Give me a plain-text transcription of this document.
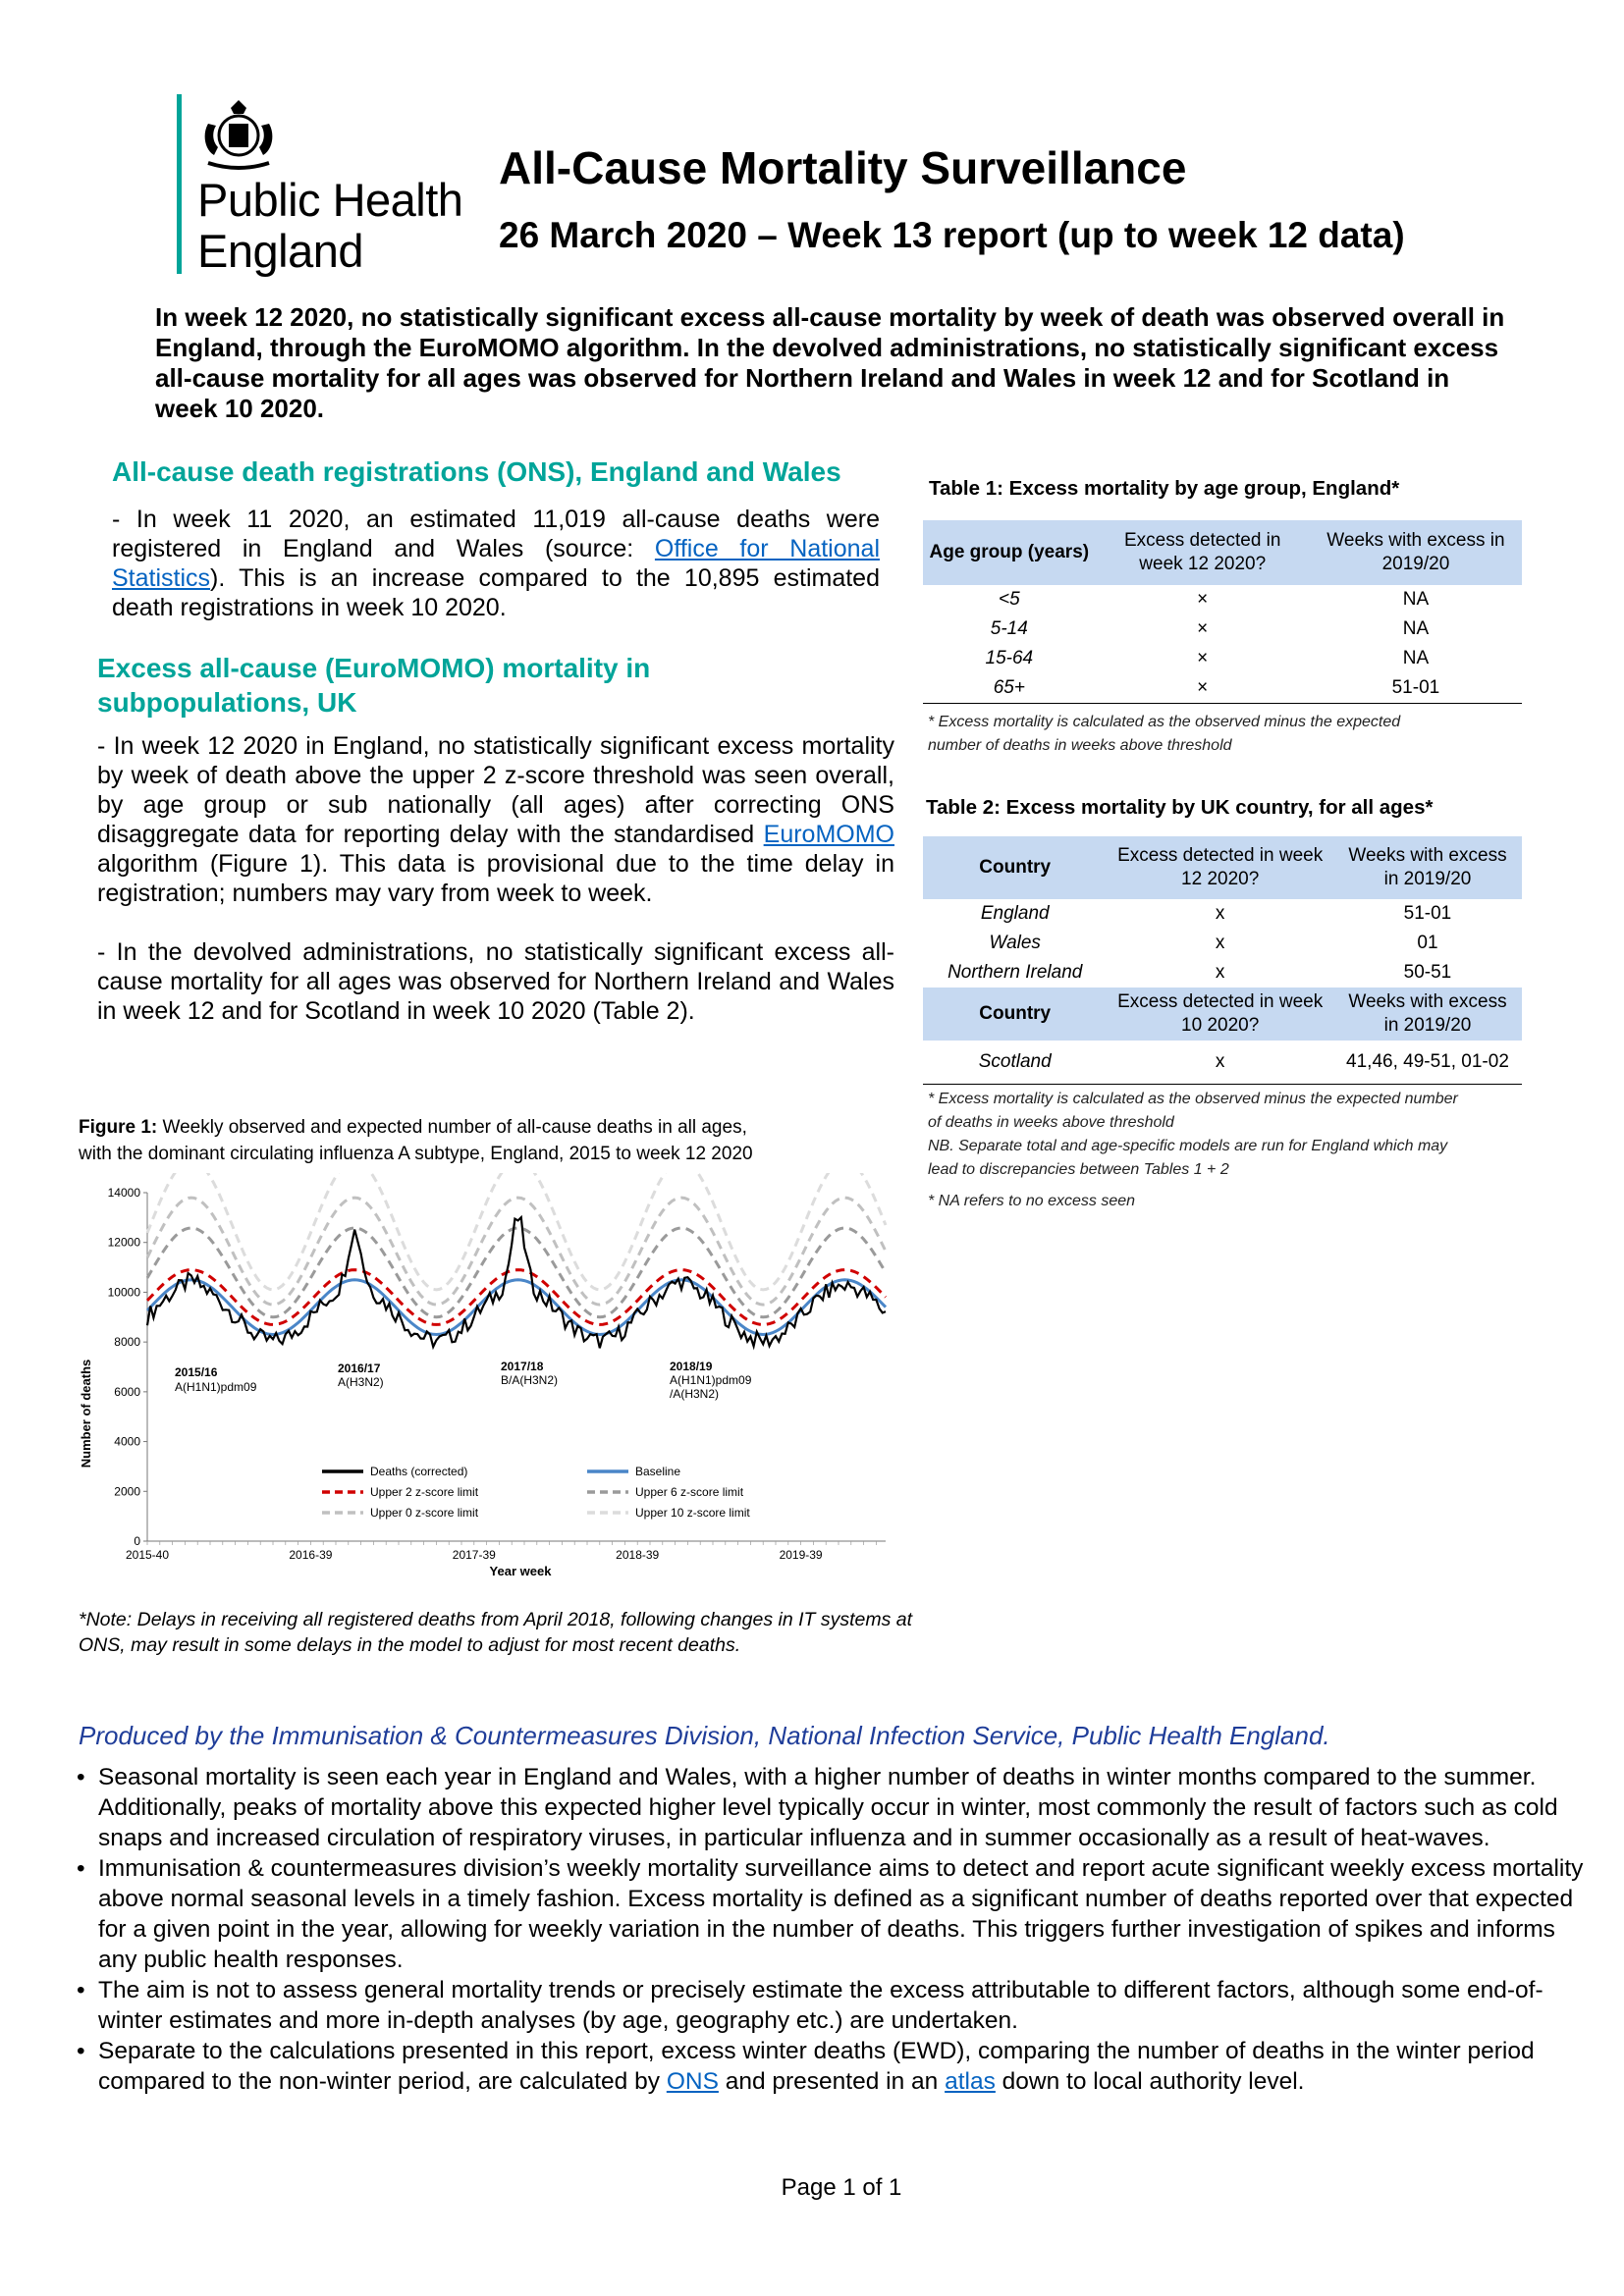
Public Health
England
All-Cause Mortality Surveillance
26 March 2020 – Week 13 report (up to week 12 data)
In week 12 2020, no statistically significant excess all-cause mortality by week of death was observed overall in England, through the EuroMOMO algorithm. In the devolved administrations, no statistically significant excess all-cause mortality for all ages was observed for Northern Ireland and Wales in week 12 and for Scotland in week 10 2020.
All-cause death registrations (ONS), England and Wales
- In week 11 2020, an estimated 11,019 all-cause deaths were registered in England and Wales (source: Office for National Statistics). This is an increase compared to the 10,895 estimated death registrations in week 10 2020.
Excess all-cause (EuroMOMO) mortality in
subpopulations, UK
- In week 12 2020 in England, no statistically significant excess mortality by week of death above the upper 2 z-score threshold was seen overall, by age group or sub nationally (all ages) after correcting ONS disaggregate data for reporting delay with the standardised EuroMOMO algorithm (Figure 1). This data is provisional due to the time delay in registration; numbers may vary from week to week.
- In the devolved administrations, no statistically significant excess all-cause mortality for all ages was observed for Northern Ireland and Wales in week 12 and for Scotland in week 10 2020 (Table 2).
Table 1: Excess mortality by age group, England*
Age group (years)	Excess detected in week 12 2020?	Weeks with excess in 2019/20
<5	×	NA
5-14	×	NA
15-64	×	NA
65+	×	51-01
* Excess mortality is calculated as the observed minus the expected
number of deaths in weeks above threshold
Table 2: Excess mortality by UK country, for all ages*
Country	Excess detected in week 12 2020?	Weeks with excess in 2019/20
England	x	51-01
Wales	x	01
Northern Ireland	x	50-51
Country	Excess detected in week 10 2020?	Weeks with excess in 2019/20
Scotland	x	41,46, 49-51, 01-02
* Excess mortality is calculated as the observed minus the expected number
of deaths in weeks above threshold
NB. Separate total and age-specific models are run for England which may
lead to discrepancies between Tables 1 + 2
* NA refers to no excess seen
Figure 1: Weekly observed and expected number of all-cause deaths in all ages,
with the dominant circulating influenza A subtype, England, 2015 to week 12 2020
0
2000
4000
6000
8000
10000
12000
14000
2015-40	2016-39	2017-39	2018-39	2019-39
Number of deaths
Year week
2015/16
A(H1N1)pdm09
2016/17
A(H3N2)
2017/18
B/A(H3N2)
2018/19
A(H1N1)pdm09
/A(H3N2)
Deaths (corrected)	Baseline
Upper 2 z-score limit	Upper 6 z-score limit
Upper 0 z-score limit	Upper 10 z-score limit
*Note: Delays in receiving all registered deaths from April 2018, following changes in IT systems at
ONS, may result in some delays in the model to adjust for most recent deaths.
Produced by the Immunisation & Countermeasures Division, National Infection Service, Public Health England.
• Seasonal mortality is seen each year in England and Wales, with a higher number of deaths in winter months compared to the summer. Additionally, peaks of mortality above this expected higher level typically occur in winter, most commonly the result of factors such as cold snaps and increased circulation of respiratory viruses, in particular influenza and in summer occasionally as a result of heat-waves.
• Immunisation & countermeasures division’s weekly mortality surveillance aims to detect and report acute significant weekly excess mortality above normal seasonal levels in a timely fashion. Excess mortality is defined as a significant number of deaths reported over that expected for a given point in the year, allowing for weekly variation in the number of deaths. This triggers further investigation of spikes and informs any public health responses.
• The aim is not to assess general mortality trends or precisely estimate the excess attributable to different factors, although some end-of-winter estimates and more in-depth analyses (by age, geography etc.) are undertaken.
• Separate to the calculations presented in this report, excess winter deaths (EWD), comparing the number of deaths in the winter period compared to the non-winter period, are calculated by ONS and presented in an atlas down to local authority level.
Page 1 of 1
